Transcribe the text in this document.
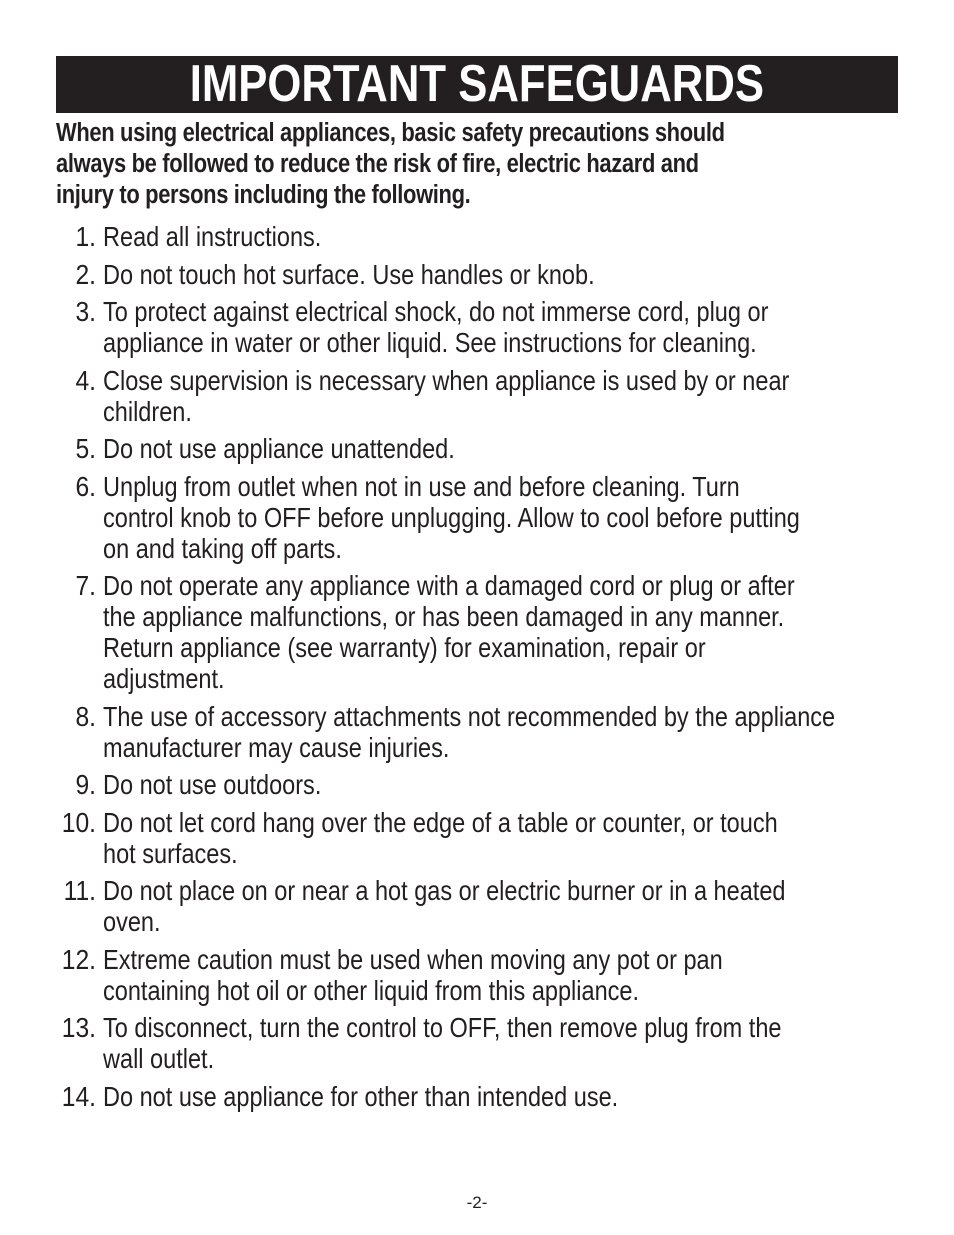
IMPORTANT SAFEGUARDS

When using electrical appliances, basic safety precautions should
always be followed to reduce the risk of fire, electric hazard and
injury to persons including the following.

1. Read all instructions.
2. Do not touch hot surface. Use handles or knob.
3. To protect against electrical shock, do not immerse cord, plug or
appliance in water or other liquid. See instructions for cleaning.
4. Close supervision is necessary when appliance is used by or near
children.
5. Do not use appliance unattended.
6. Unplug from outlet when not in use and before cleaning. Turn
control knob to OFF before unplugging. Allow to cool before putting
on and taking off parts.
7. Do not operate any appliance with a damaged cord or plug or after
the appliance malfunctions, or has been damaged in any manner.
Return appliance (see warranty) for examination, repair or
adjustment.
8. The use of accessory attachments not recommended by the appliance
manufacturer may cause injuries.
9. Do not use outdoors.
10. Do not let cord hang over the edge of a table or counter, or touch
hot surfaces.
11. Do not place on or near a hot gas or electric burner or in a heated
oven.
12. Extreme caution must be used when moving any pot or pan
containing hot oil or other liquid from this appliance.
13. To disconnect, turn the control to OFF, then remove plug from the
wall outlet.
14. Do not use appliance for other than intended use.
-2-
